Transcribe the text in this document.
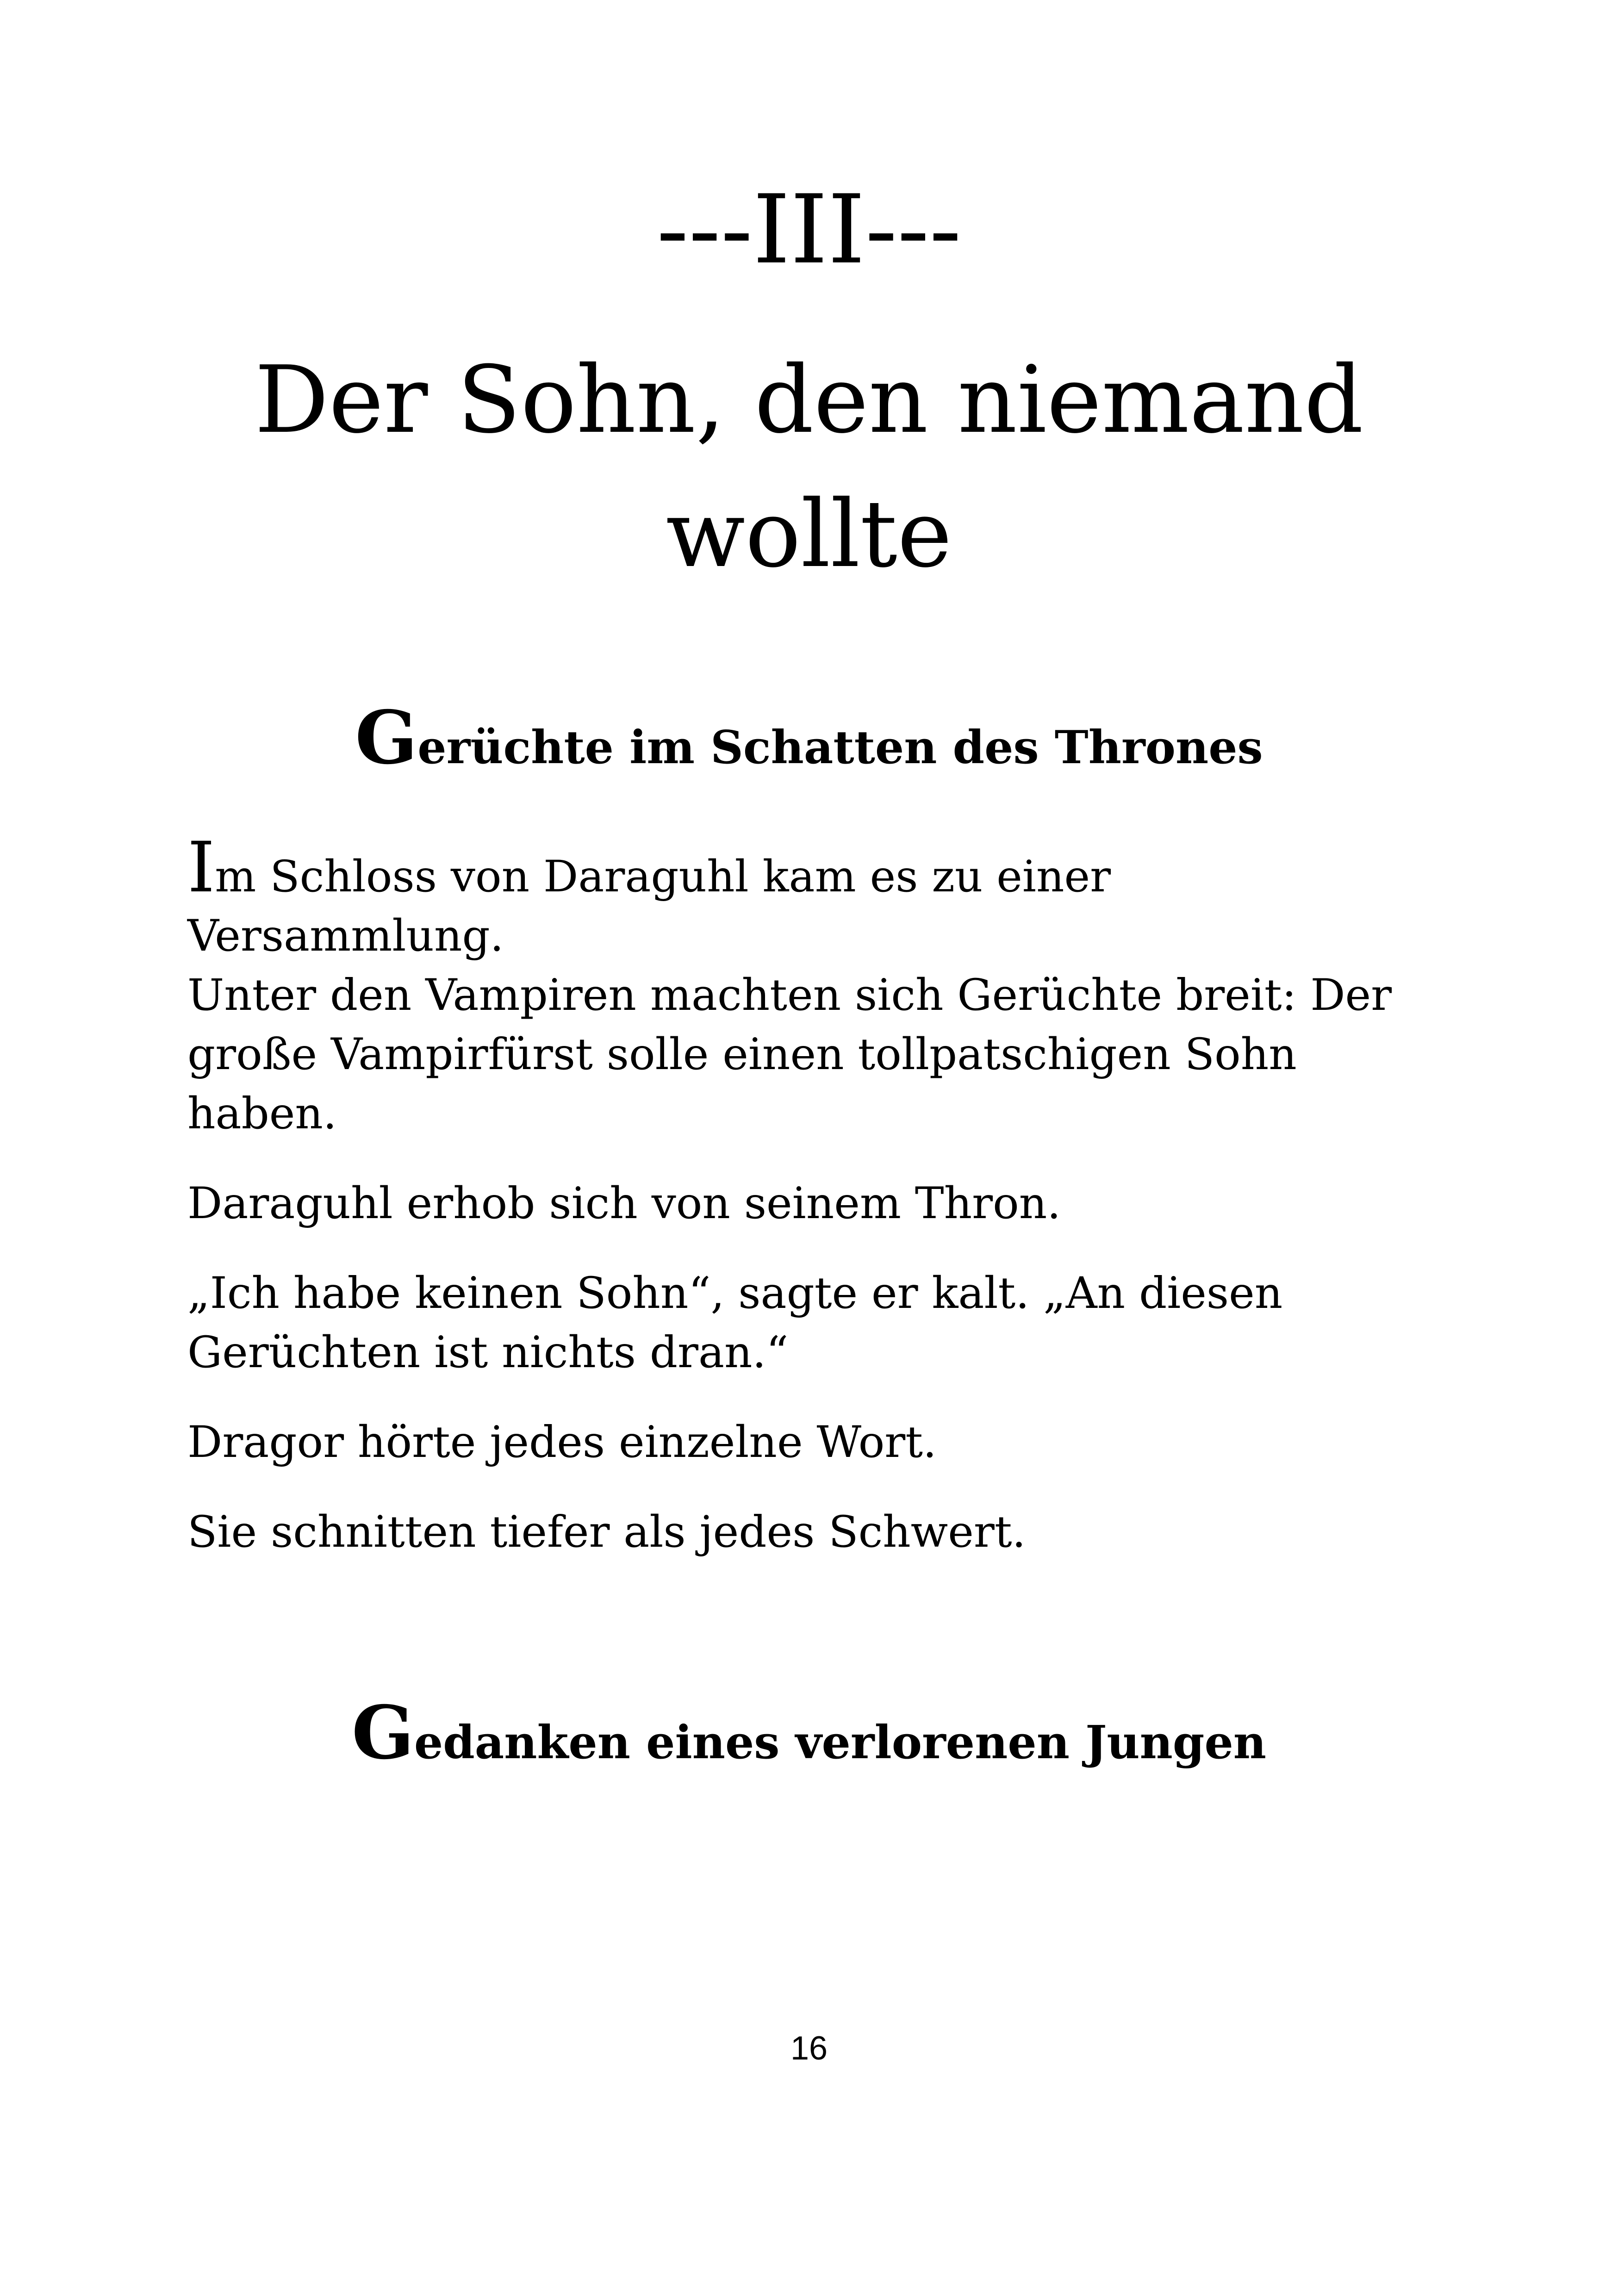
---III---
Der Sohn, den niemand
wollte
Gerüchte im Schatten des Thrones

Im Schloss von Daraguhl kam es zu einer
Versammlung.

Unter den Vampiren machten sich Gerüchte breit: Der große Vampirfürst solle einen tollpatschigen Sohn haben.

Daraguhl erhob sich von seinem Thron.

„Ich habe keinen Sohn“, sagte er kalt. „An diesen Gerüchten ist nichts dran.“

Dragor hörte jedes einzelne Wort.

Sie schnitten tiefer als jedes Schwert.

Gedanken eines verlorenen Jungen
16
